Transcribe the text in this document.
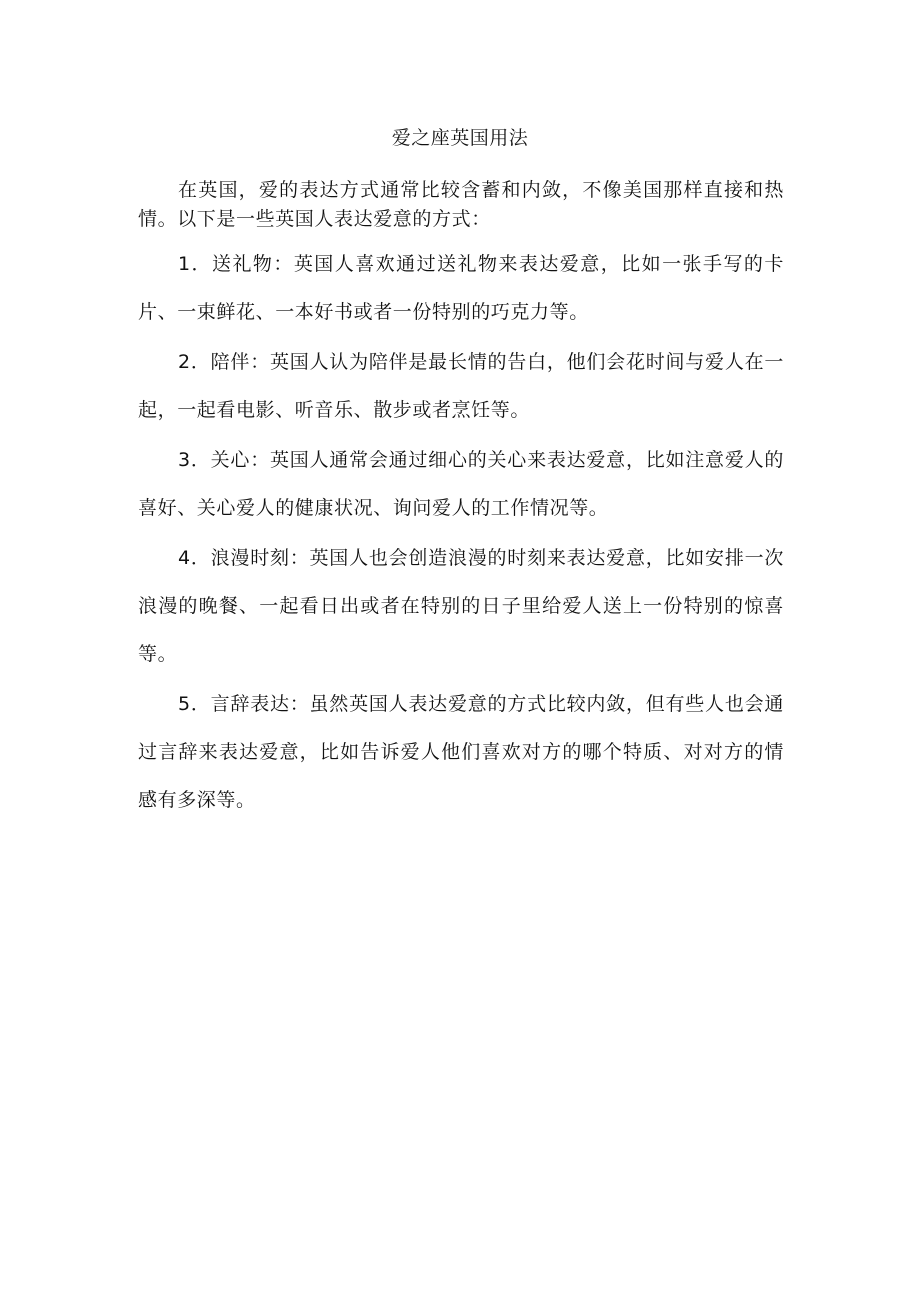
爱之座英国用法

在英国，爱的表达方式通常比较含蓄和内敛，不像美国那样直接和热情。以下是一些英国人表达爱意的方式：

1．送礼物：英国人喜欢通过送礼物来表达爱意，比如一张手写的卡片、一束鲜花、一本好书或者一份特别的巧克力等。

2．陪伴：英国人认为陪伴是最长情的告白，他们会花时间与爱人在一起，一起看电影、听音乐、散步或者烹饪等。

3．关心：英国人通常会通过细心的关心来表达爱意，比如注意爱人的喜好、关心爱人的健康状况、询问爱人的工作情况等。

4．浪漫时刻：英国人也会创造浪漫的时刻来表达爱意，比如安排一次浪漫的晚餐、一起看日出或者在特别的日子里给爱人送上一份特别的惊喜等。

5．言辞表达：虽然英国人表达爱意的方式比较内敛，但有些人也会通过言辞来表达爱意，比如告诉爱人他们喜欢对方的哪个特质、对对方的情感有多深等。
